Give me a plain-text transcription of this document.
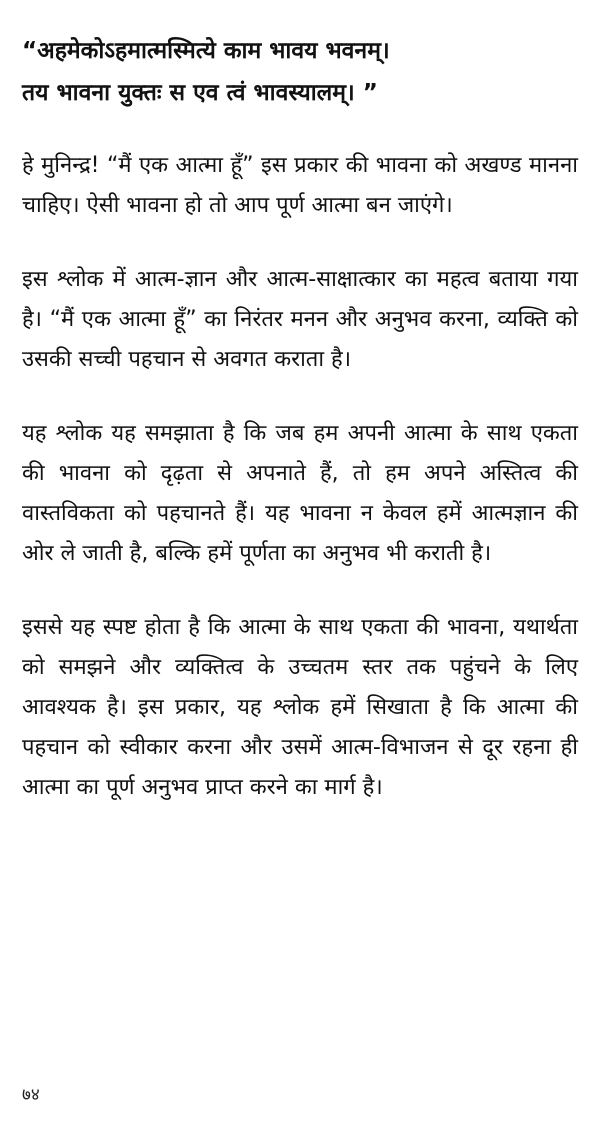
“अहमेकोऽहमात्मस्मित्ये काम भावय भवनम्।
तय भावना युक्तः स एव त्वं भावस्यालम्। ”

हे मुनिन्द्र! “मैं एक आत्मा हूँ” इस प्रकार की भावना को अखण्ड मानना चाहिए। ऐसी भावना हो तो आप पूर्ण आत्मा बन जाएंगे।

इस श्लोक में आत्म-ज्ञान और आत्म-साक्षात्कार का महत्व बताया गया है। “मैं एक आत्मा हूँ” का निरंतर मनन और अनुभव करना, व्यक्ति को उसकी सच्ची पहचान से अवगत कराता है।

यह श्लोक यह समझाता है कि जब हम अपनी आत्मा के साथ एकता की भावना को दृढ़ता से अपनाते हैं, तो हम अपने अस्तित्व की वास्तविकता को पहचानते हैं। यह भावना न केवल हमें आत्मज्ञान की ओर ले जाती है, बल्कि हमें पूर्णता का अनुभव भी कराती है।

इससे यह स्पष्ट होता है कि आत्मा के साथ एकता की भावना, यथार्थता को समझने और व्यक्तित्व के उच्चतम स्तर तक पहुंचने के लिए आवश्यक है। इस प्रकार, यह श्लोक हमें सिखाता है कि आत्मा की पहचान को स्वीकार करना और उसमें आत्म-विभाजन से दूर रहना ही आत्मा का पूर्ण अनुभव प्राप्त करने का मार्ग है।

७४
